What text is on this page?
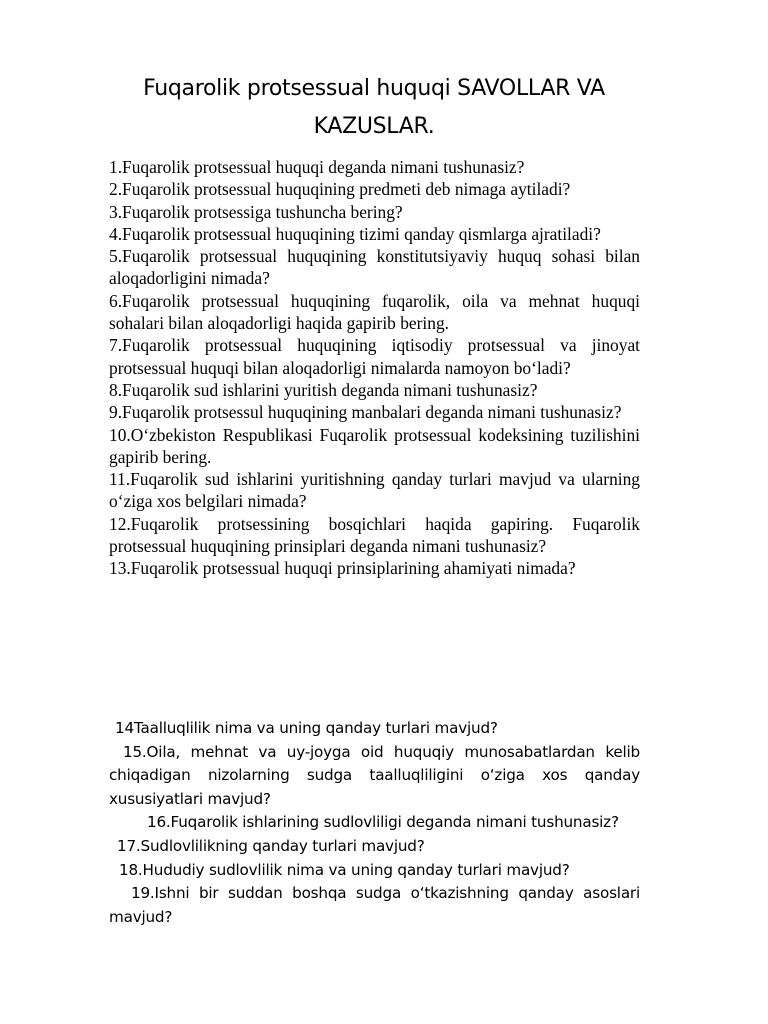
Fuqarolik protsessual huquqi SAVOLLAR VA KAZUSLAR.

1.Fuqarolik protsessual huquqi deganda nimani tushunasiz?

2.Fuqarolik protsessual huquqining predmeti deb nimaga aytiladi?

3.Fuqarolik protsessiga tushuncha bering?

4.Fuqarolik protsessual huquqining tizimi qanday qismlarga ajratiladi?

5.Fuqarolik protsessual huquqining konstitutsiyaviy huquq sohasi bilan aloqadorligini nimada?

6.Fuqarolik protsessual huquqining fuqarolik, oila va mehnat huquqi sohalari bilan aloqadorligi haqida gapirib bering.

7.Fuqarolik protsessual huquqining iqtisodiy protsessual va jinoyat protsessual huquqi bilan aloqadorligi nimalarda namoyon bo‘ladi?

8.Fuqarolik sud ishlarini yuritish deganda nimani tushunasiz?

9.Fuqarolik protsessul huquqining manbalari deganda nimani tushunasiz?

10.O‘zbekiston Respublikasi Fuqarolik protsessual kodeksining tuzilishini gapirib bering.

11.Fuqarolik sud ishlarini yuritishning qanday turlari mavjud va ularning o‘ziga xos belgilari nimada?

12.Fuqarolik protsessining bosqichlari haqida gapiring. Fuqarolik protsessual huquqining prinsiplari deganda nimani tushunasiz?

13.Fuqarolik protsessual huquqi prinsiplarining ahamiyati nimada?

14Taalluqlilik nima va uning qanday turlari mavjud?

15.Oila, mehnat va uy-joyga oid huquqiy munosabatlardan kelib chiqadigan nizolarning sudga taalluqliligini o‘ziga xos qanday xususiyatlari mavjud?

16.Fuqarolik ishlarining sudlovliligi deganda nimani tushunasiz?

17.Sudlovlilikning qanday turlari mavjud?

18.Hududiy sudlovlilik nima va uning qanday turlari mavjud?

19.Ishni bir suddan boshqa sudga o‘tkazishning qanday asoslari mavjud?
